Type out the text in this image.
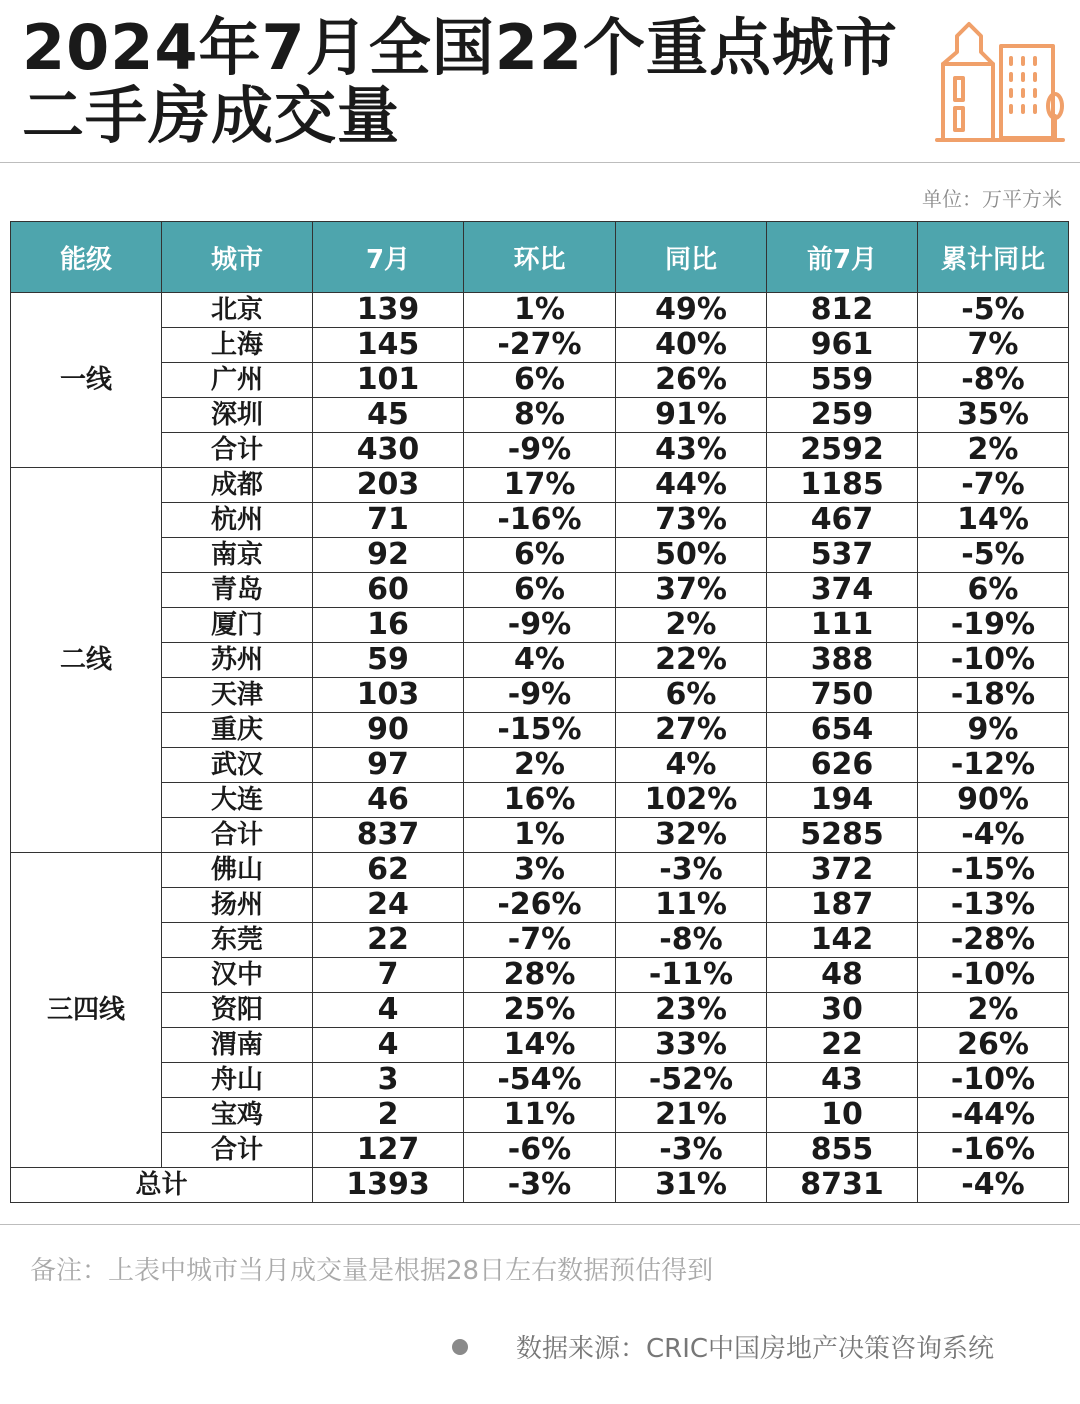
2024年7月全国22个重点城市
二手房成交量
单位：万平方米
能级	城市	7月	环比	同比	前7月	累计同比
一线	北京	139	1%	49%	812	-5%
	上海	145	-27%	40%	961	7%
	广州	101	6%	26%	559	-8%
	深圳	45	8%	91%	259	35%
	合计	430	-9%	43%	2592	2%
二线	成都	203	17%	44%	1185	-7%
	杭州	71	-16%	73%	467	14%
	南京	92	6%	50%	537	-5%
	青岛	60	6%	37%	374	6%
	厦门	16	-9%	2%	111	-19%
	苏州	59	4%	22%	388	-10%
	天津	103	-9%	6%	750	-18%
	重庆	90	-15%	27%	654	9%
	武汉	97	2%	4%	626	-12%
	大连	46	16%	102%	194	90%
	合计	837	1%	32%	5285	-4%
三四线	佛山	62	3%	-3%	372	-15%
	扬州	24	-26%	11%	187	-13%
	东莞	22	-7%	-8%	142	-28%
	汉中	7	28%	-11%	48	-10%
	资阳	4	25%	23%	30	2%
	渭南	4	14%	33%	22	26%
	舟山	3	-54%	-52%	43	-10%
	宝鸡	2	11%	21%	10	-44%
	合计	127	-6%	-3%	855	-16%
总计		1393	-3%	31%	8731	-4%
备注：上表中城市当月成交量是根据28日左右数据预估得到
数据来源：CRIC中国房地产决策咨询系统
